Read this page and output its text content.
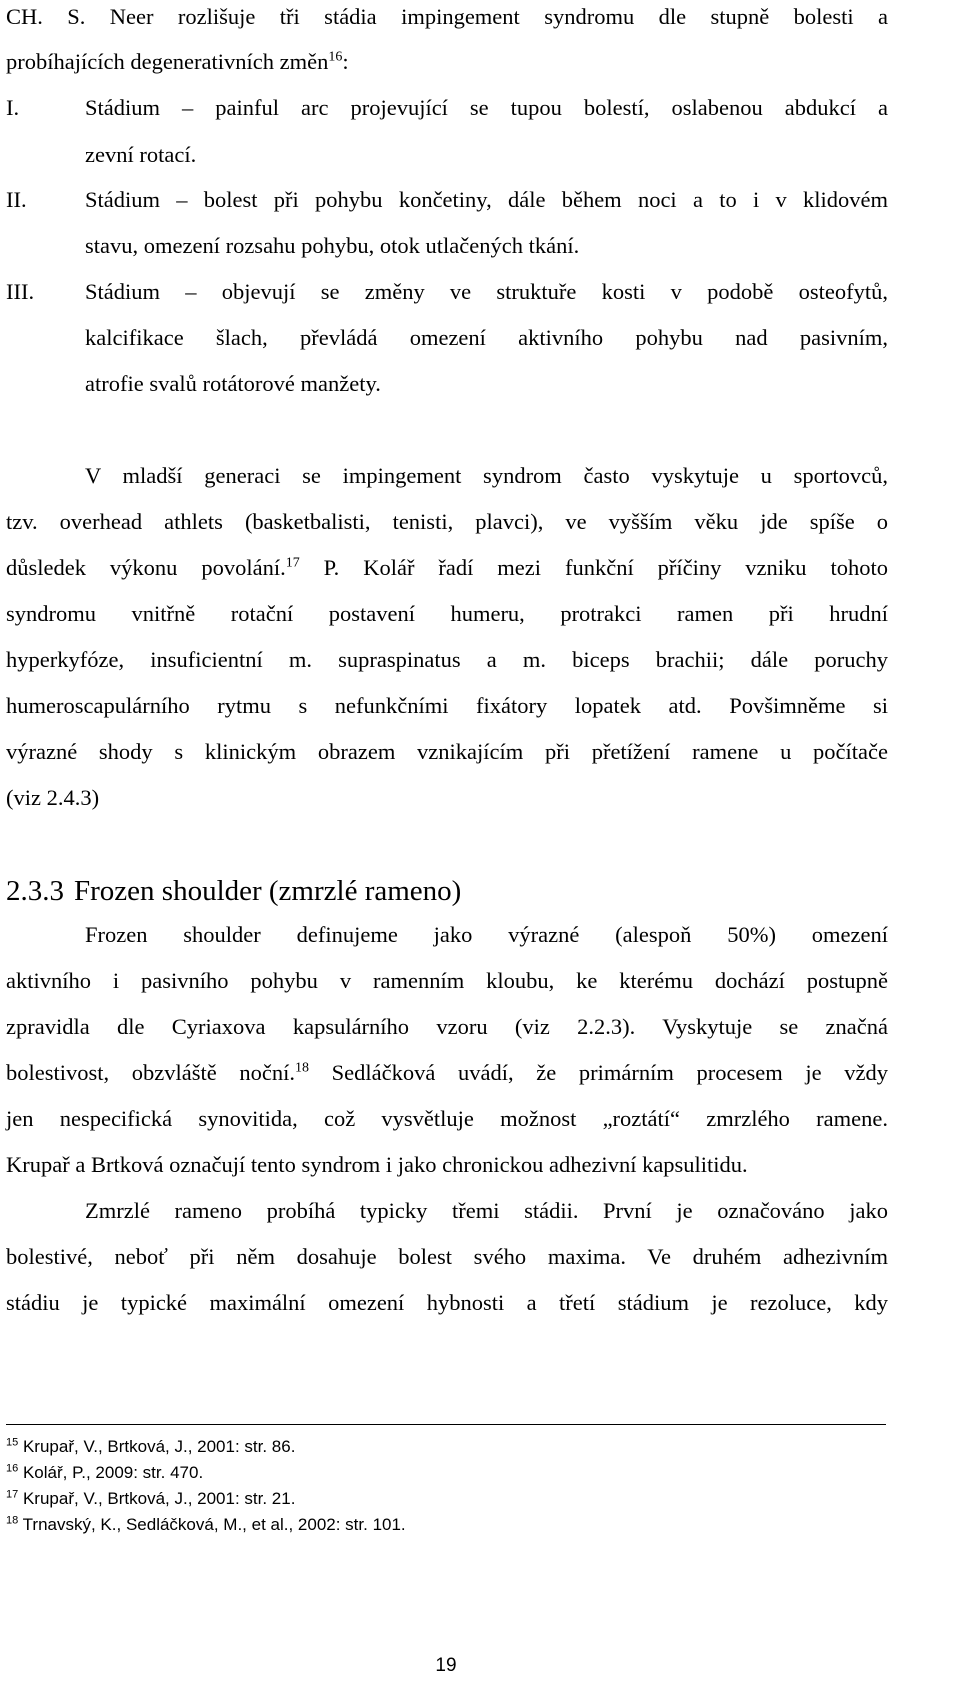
CH. S. Neer rozlišuje tři stádia impingement syndromu dle stupně bolesti a
probíhajících degenerativních změn$^{16}$:
I.	Stádium – painful arc projevující se tupou bolestí, oslabenou abdukcí a
zevní rotací.
II.	Stádium – bolest při pohybu končetiny, dále během noci a to i v klidovém
stavu, omezení rozsahu pohybu, otok utlačených tkání.
III.	Stádium – objevují se změny ve struktuře kosti v podobě osteofytů,
kalcifikace šlach, převládá omezení aktivního pohybu nad pasivním,
atrofie svalů rotátorové manžety.
V mladší generaci se impingement syndrom často vyskytuje u sportovců,
tzv. overhead athlets (basketbalisti, tenisti, plavci), ve vyšším věku jde spíše o
důsledek výkonu povolání.$^{17}$ P. Kolář řadí mezi funkční příčiny vzniku tohoto
syndromu vnitřně rotační postavení humeru, protrakci ramen při hrudní
hyperkyfóze, insuficientní m. supraspinatus a m. biceps brachii; dále poruchy
humeroscapulárního rytmu s nefunkčními fixátory lopatek atd. Povšimněme si
výrazné shody s klinickým obrazem vznikajícím při přetížení ramene u počítače
(viz 2.4.3)
2.3.3 Frozen shoulder (zmrzlé rameno)
Frozen shoulder definujeme jako výrazné (alespoň 50%) omezení
aktivního i pasivního pohybu v ramenním kloubu, ke kterému dochází postupně
zpravidla dle Cyriaxova kapsulárního vzoru (viz 2.2.3). Vyskytuje se značná
bolestivost, obzvláště noční.$^{18}$ Sedláčková uvádí, že primárním procesem je vždy
jen nespecifická synovitida, což vysvětluje možnost „roztátí“ zmrzlého ramene.
Krupař a Brtková označují tento syndrom i jako chronickou adhezivní kapsulitidu.
Zmrzlé rameno probíhá typicky třemi stádii. První je označováno jako
bolestivé, neboť při něm dosahuje bolest svého maxima. Ve druhém adhezivním
stádiu je typické maximální omezení hybnosti a třetí stádium je rezoluce, kdy
$^{15}$ Krupař, V., Brtková, J., 2001: str. 86.
$^{16}$ Kolář, P., 2009: str. 470.
$^{17}$ Krupař, V., Brtková, J., 2001: str. 21.
$^{18}$ Trnavský, K., Sedláčková, M., et al., 2002: str. 101.
19
